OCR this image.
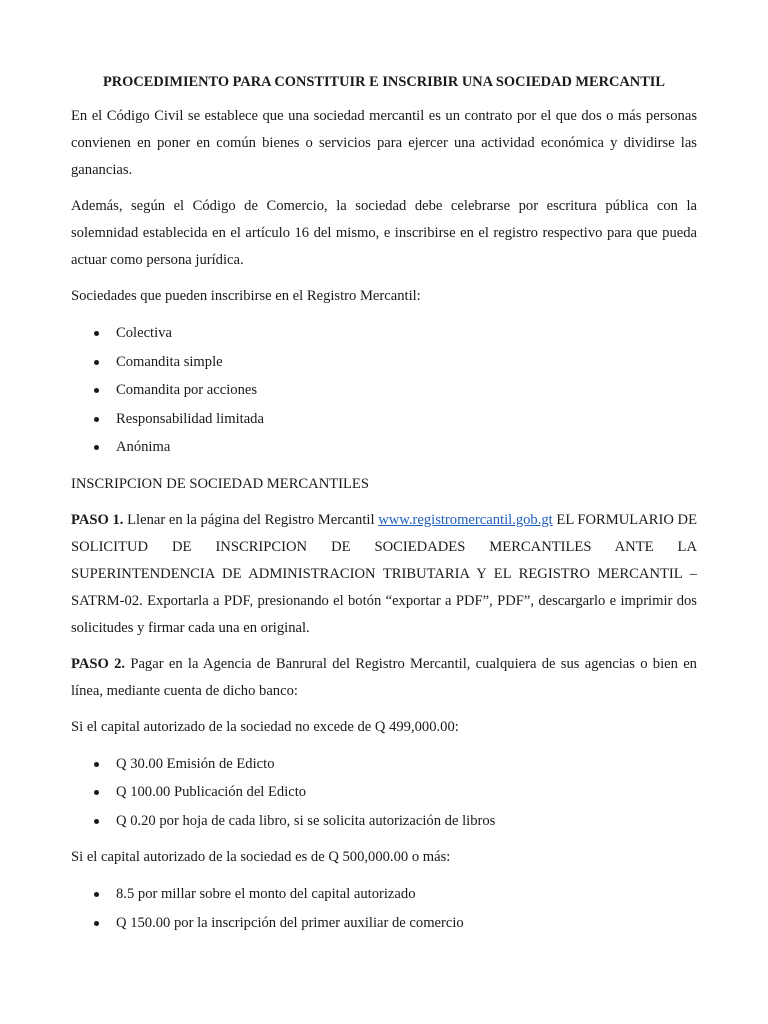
PROCEDIMIENTO PARA CONSTITUIR E INSCRIBIR UNA SOCIEDAD MERCANTIL

En el Código Civil se establece que una sociedad mercantil es un contrato por el que dos o más personas convienen en poner en común bienes o servicios para ejercer una actividad económica y dividirse las ganancias.

Además, según el Código de Comercio, la sociedad debe celebrarse por escritura pública con la solemnidad establecida en el artículo 16 del mismo, e inscribirse en el registro respectivo para que pueda actuar como persona jurídica.

Sociedades que pueden inscribirse en el Registro Mercantil:

Colectiva
Comandita simple
Comandita por acciones
Responsabilidad limitada
Anónima
INSCRIPCION DE SOCIEDAD MERCANTILES

PASO 1. Llenar en la página del Registro Mercantil www.registromercantil.gob.gt EL FORMULARIO DE SOLICITUD DE INSCRIPCION DE SOCIEDADES MERCANTILES ANTE LA SUPERINTENDENCIA DE ADMINISTRACION TRIBUTARIA Y EL REGISTRO MERCANTIL – SATRM-02. Exportarla a PDF, presionando el botón “exportar a PDF”, PDF”, descargarlo e imprimir dos solicitudes y firmar cada una en original.

PASO 2. Pagar en la Agencia de Banrural del Registro Mercantil, cualquiera de sus agencias o bien en línea, mediante cuenta de dicho banco:

Si el capital autorizado de la sociedad no excede de Q 499,000.00:

Q 30.00 Emisión de Edicto
Q 100.00 Publicación del Edicto
Q 0.20 por hoja de cada libro, si se solicita autorización de libros

Si el capital autorizado de la sociedad es de Q 500,000.00 o más:

8.5 por millar sobre el monto del capital autorizado
Q 150.00 por la inscripción del primer auxiliar de comercio
